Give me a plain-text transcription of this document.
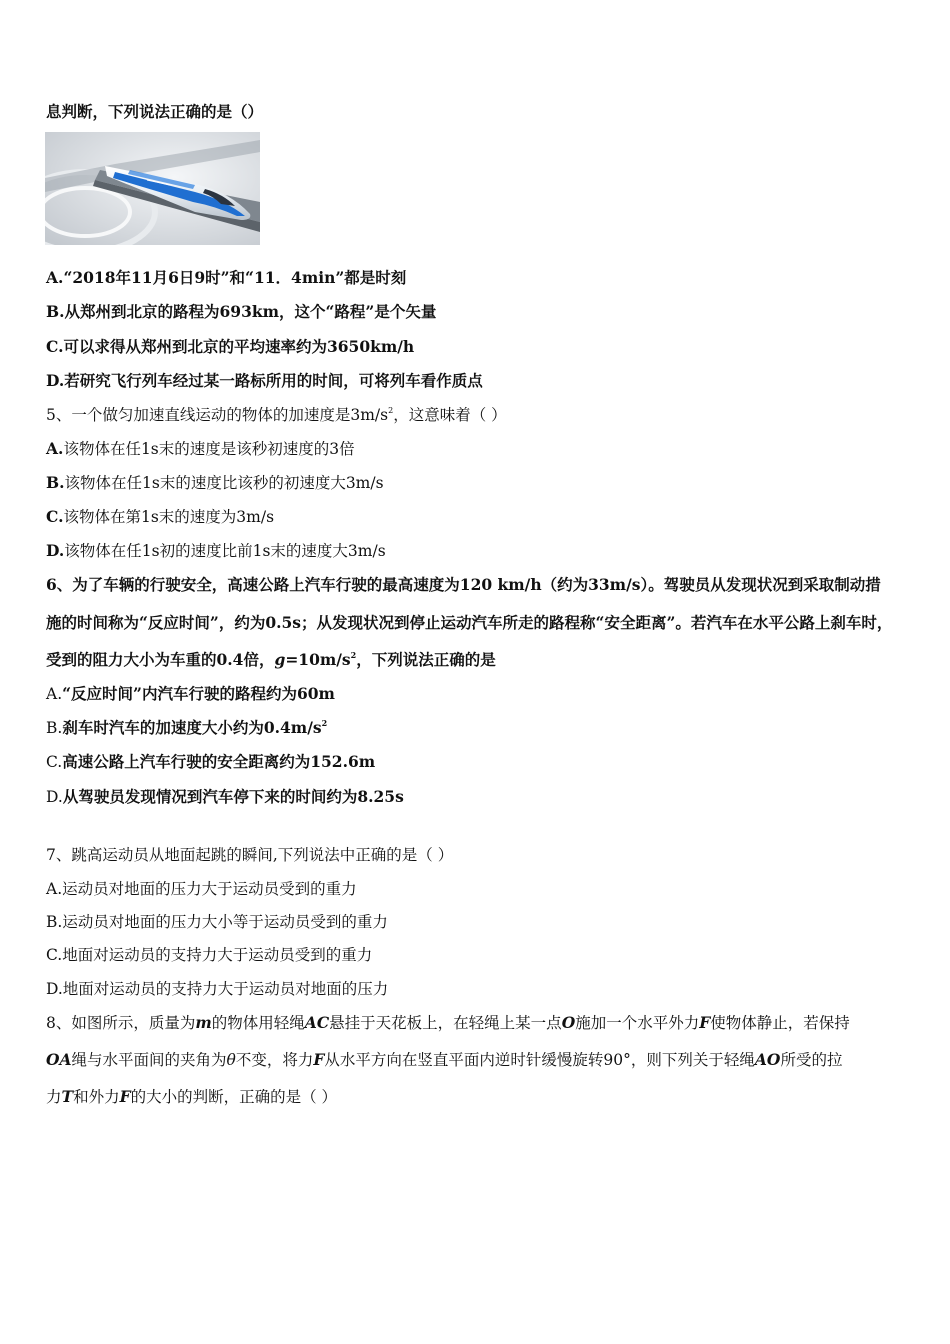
息判断，下列说法正确的是（）
A.“2018年11月6日9时”和“11．4min”都是时刻
B.从郑州到北京的路程为693km，这个“路程”是个矢量
C.可以求得从郑州到北京的平均速率约为3650km/h
D.若研究飞行列车经过某一路标所用的时间，可将列车看作质点
5、一个做匀加速直线运动的物体的加速度是$3m/s^2$，这意味着（ ）
A.该物体在任1s末的速度是该秒初速度的3倍
B.该物体在任1s末的速度比该秒的初速度大3m/s
C.该物体在第1s末的速度为3m/s
D.该物体在任1s初的速度比前1s末的速度大3m/s
6、为了车辆的行驶安全，高速公路上汽车行驶的最高速度为120 km/h（约为33m/s）。驾驶员从发现状况到采取制动措
施的时间称为“反应时间”，约为0.5s；从发现状况到停止运动汽车所走的路程称“安全距离”。若汽车在水平公路上刹车时，
受到的阻力大小为车重的0.4倍，$g=10m/s^2$，下列说法正确的是
A.“反应时间”内汽车行驶的路程约为60m
B.刹车时汽车的加速度大小约为$0.4m/s^2$
C.高速公路上汽车行驶的安全距离约为152.6m
D.从驾驶员发现情况到汽车停下来的时间约为8.25s
7、跳高运动员从地面起跳的瞬间,下列说法中正确的是（ ）
A.运动员对地面的压力大于运动员受到的重力
B.运动员对地面的压力大小等于运动员受到的重力
C.地面对运动员的支持力大于运动员受到的重力
D.地面对运动员的支持力大于运动员对地面的压力
8、如图所示，质量为m的物体用轻绳AC悬挂于天花板上，在轻绳上某一点O施加一个水平外力F使物体静止，若保持
OA绳与水平面间的夹角为θ不变，将力F从水平方向在竖直平面内逆时针缓慢旋转90°，则下列关于轻绳AO所受的拉
力T和外力F的大小的判断，正确的是（ ）
